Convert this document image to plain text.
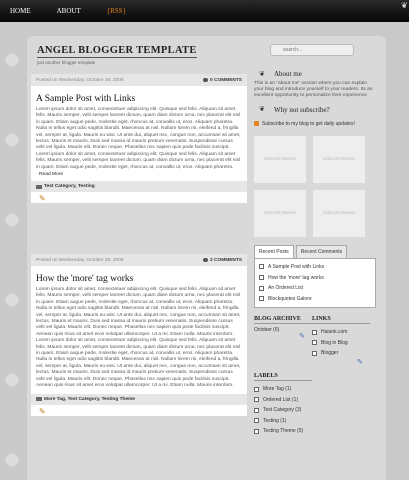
HOME	ABOUT	{RSS}
❦
ANGEL BLOGGER TEMPLATE
just another blogger template
search...
Posted on Wednesday, October 29, 2008	0 COMMENTS
A Sample Post with Links
Lorem ipsum dolor sit amet, consectetuer adipiscing elit. Quisque sed felis. Aliquam sit amet felis. Mauris semper, velit semper laoreet dictum, quam diam dictum urna, nec placerat elit nisl in quam. Etiam augue pede, molestie eget, rhoncus at, convallis ut, eros. Aliquam pharetra. Nulla in tellus eget odio sagittis blandit. Maecenas at nisl. Nullam lorem mi, eleifend a, fringilla vel, semper at, ligula. Mauris eu wisi. Ut ante dui, aliquet nec, congue non, accumsan sit amet, lectus. Mauris et mauris. Duis sed massa id mauris pretium venenatis. Suspendisse cursus velit vel ligula. Mauris elit. Donec neque. Phasellus nec sapien quis pede facilisis suscipit.
Lorem ipsum dolor sit amet, consectetuer adipiscing elit. Quisque sed felis. Aliquam sit amet felis. Mauris semper, velit semper laoreet dictum, quam diam dictum urna, nec placerat elit nisl in quam. Etiam augue pede, molestie eget, rhoncus at, convallis ut, eros. Aliquam pharetra.
Read More
Test Category, Testing
✎
Posted on Wednesday, October 29, 2008	2 COMMENTS
How the 'more' tag works
Lorem ipsum dolor sit amet, consectetuer adipiscing elit. Quisque sed felis. Aliquam sit amet felis. Mauris semper, velit semper laoreet dictum, quam diam dictum urna, nec placerat elit nisl in quam. Etiam augue pede, molestie eget, rhoncus at, convallis ut, eros. Aliquam pharetra. Nulla in tellus eget odio sagittis blandit. Maecenas at nisl. Nullam lorem mi, eleifend a, fringilla vel, semper at, ligula. Mauris eu wisi. Ut ante dui, aliquet nec, congue non, accumsan sit amet, lectus. Mauris et mauris. Duis sed massa id mauris pretium venenatis. Suspendisse cursus velit vel ligula. Mauris elit. Donec neque. Phasellus nec sapien quis pede facilisis suscipit. Aenean quis risus sit amet eros volutpat ullamcorper. Ut a mi. Etiam nulla. Mauris interdum. Lorem ipsum dolor sit amet, consectetuer adipiscing elit. Quisque sed felis. Aliquam sit amet felis. Mauris semper, velit semper laoreet dictum, quam diam dictum urna, nec placerat elit nisl in quam. Etiam augue pede, molestie eget, rhoncus at, convallis ut, eros. Aliquam pharetra. Nulla in tellus eget odio sagittis blandit. Maecenas at nisl. Nullam lorem mi, eleifend a, fringilla vel, semper at, ligula. Mauris eu wisi. Ut ante dui, aliquet nec, congue non, accumsan sit amet, lectus. Mauris et mauris. Duis sed massa id mauris pretium venenatis. Suspendisse cursus velit vel ligula. Mauris elit. Donec neque. Phasellus nec sapien quis pede facilisis suscipit. Aenean quis risus sit amet eros volutpat ullamcorper. Ut a mi. Etiam nulla. Mauris interdum.
More Tag, Test Category, Testing Theme
✎
❦	About me
This is an "about me" section where you can explain your blog and introduce yourself to your readers. Its an excellent opportunity to personalize their experience
❦	Why not subscribe?
Subscribe to my blog to get daily updates!
125x125 Banner	125x125 Banner
125x125 Banner	125x125 Banner
Recent Posts	Recent Comments
A Sample Post with Links
How the 'more' tag works
An Ordered List
Blockquotes Galore
BLOG ARCHIVE
October (6)
✎
LINKS
Haiunk.com
Blog in Blog
Blogger
✎
LABELS
More Tag (1)
Ordered List (1)
Test Category (3)
Testing (1)
Testing Theme (5)
